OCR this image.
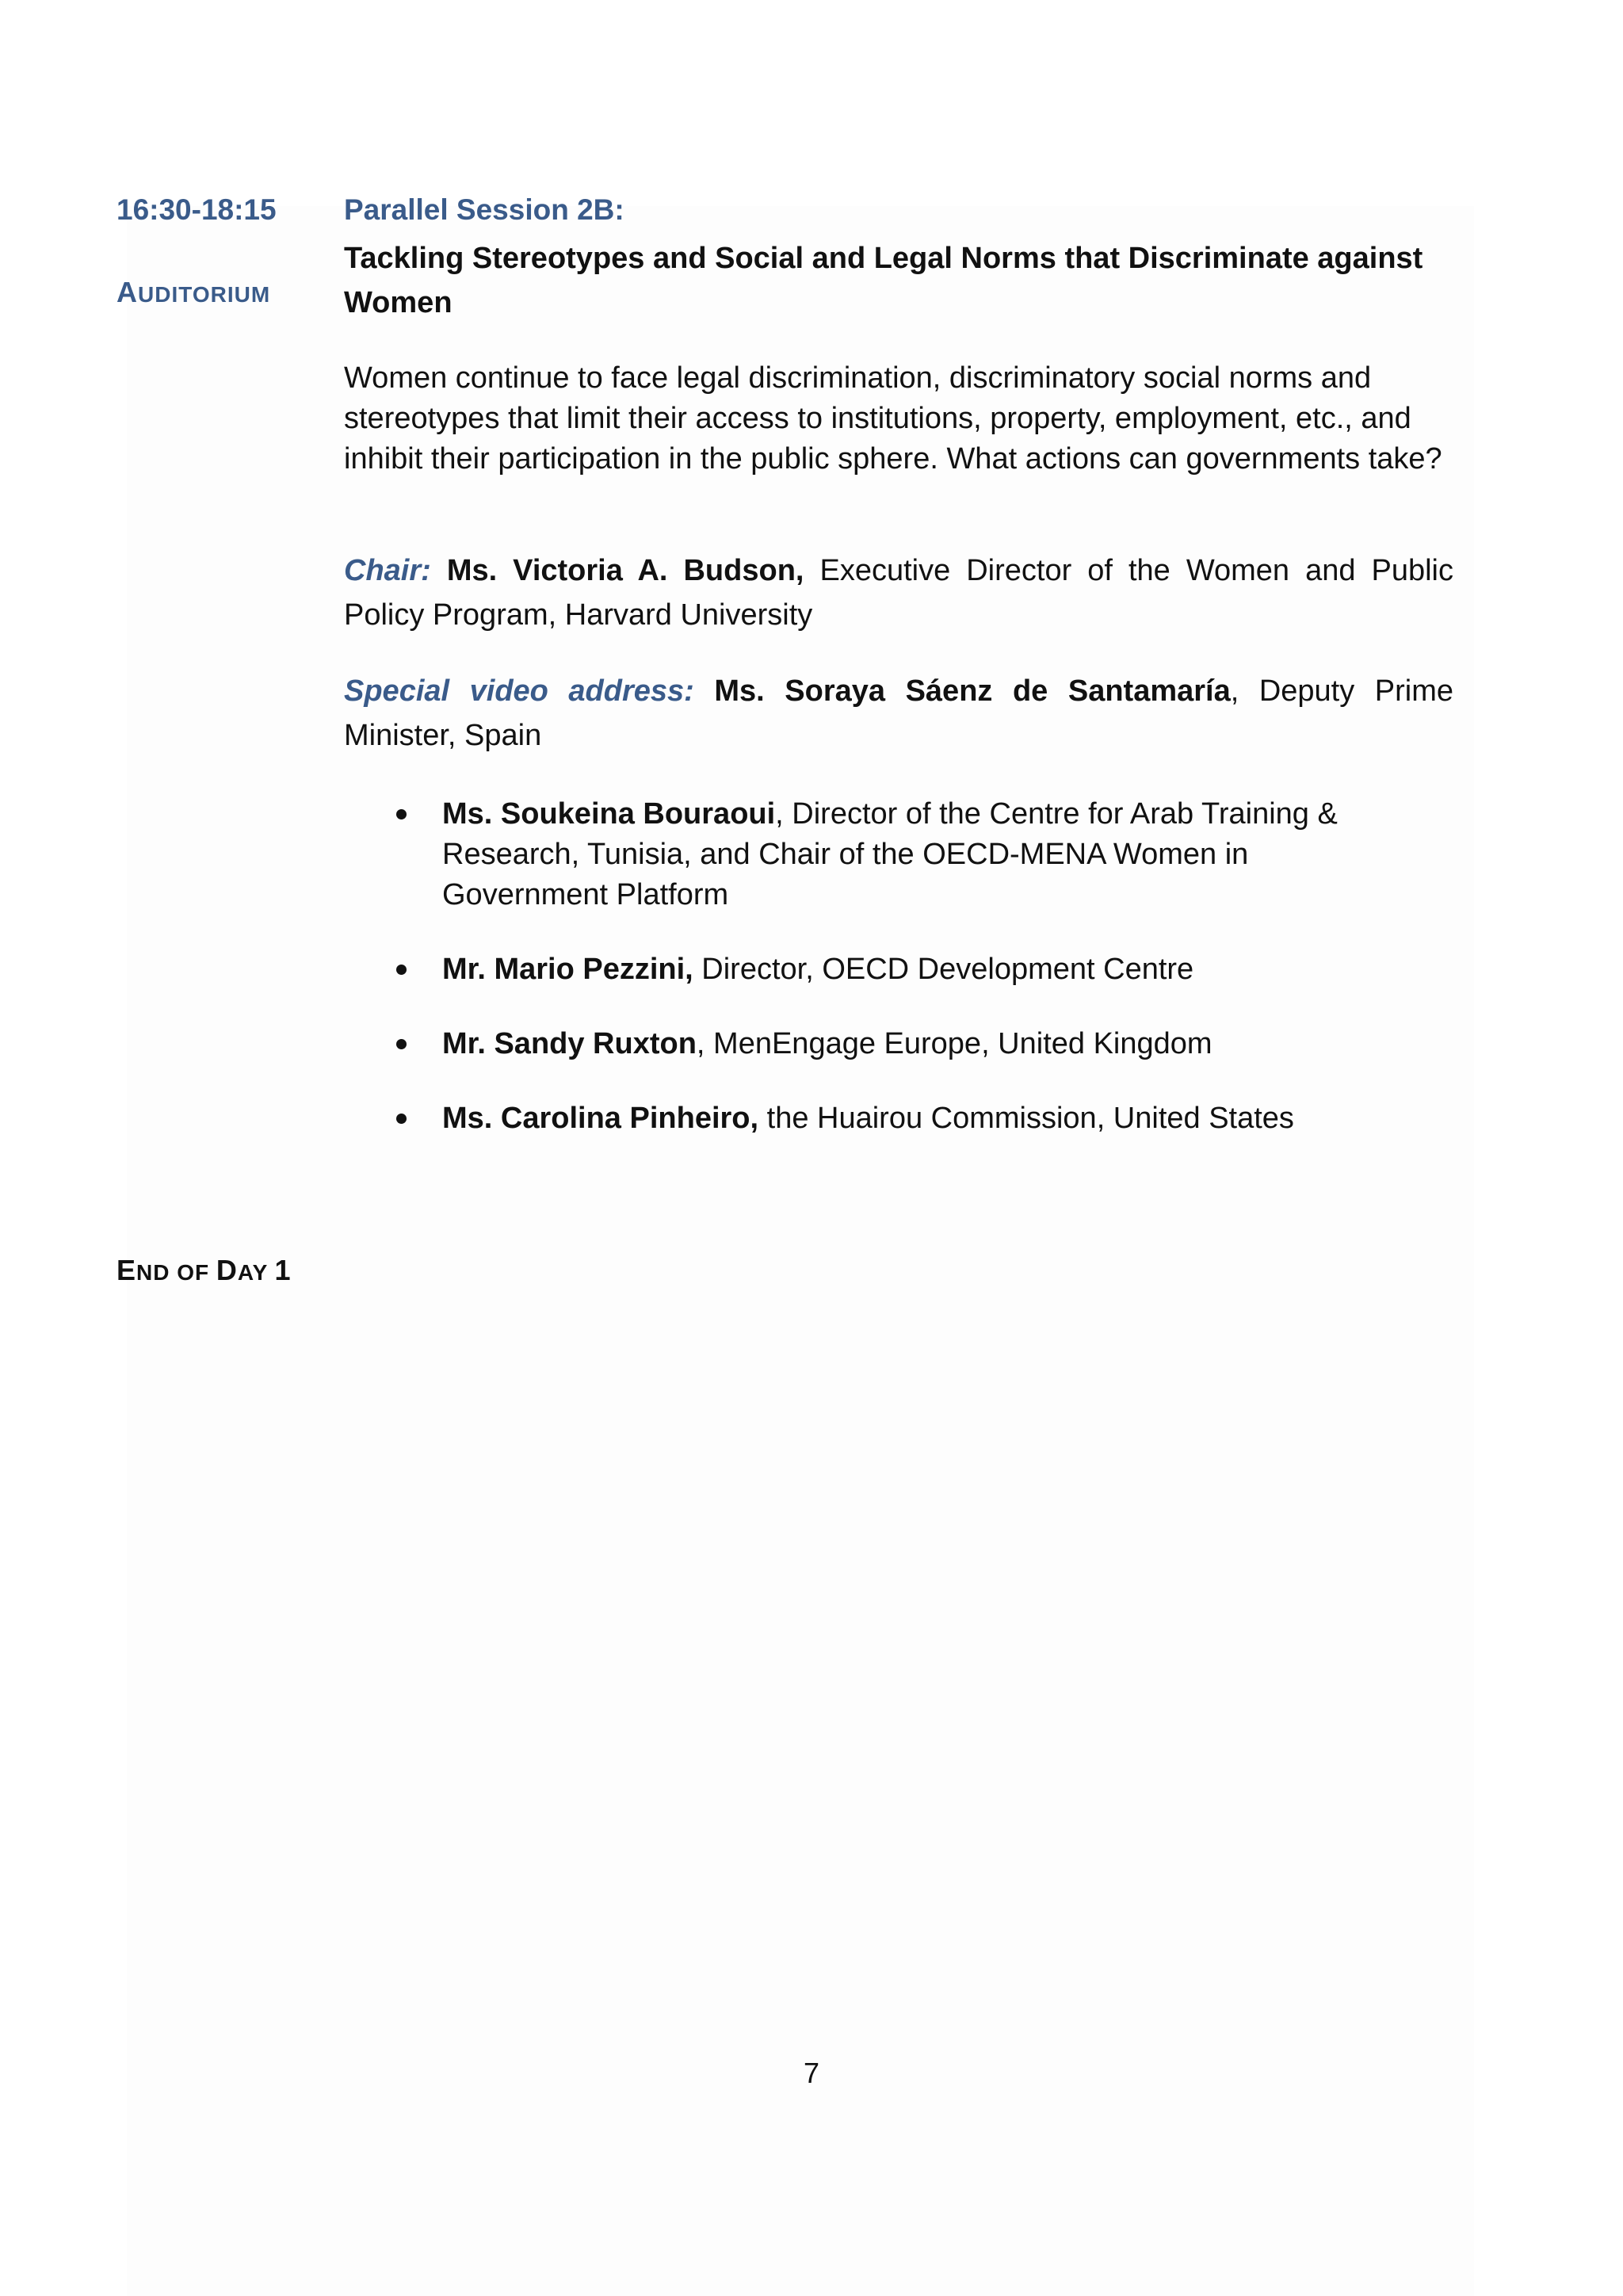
16:30-18:15
AUDITORIUM
Parallel Session 2B:
Tackling Stereotypes and Social and Legal Norms that Discriminate against Women
Women continue to face legal discrimination, discriminatory social norms and stereotypes that limit their access to institutions, property, employment, etc., and inhibit their participation in the public sphere. What actions can governments take?
Chair: Ms. Victoria A. Budson, Executive Director of the Women and Public Policy Program, Harvard University
Special video address: Ms. Soraya Sáenz de Santamaría, Deputy Prime Minister, Spain
Ms. Soukeina Bouraoui, Director of the Centre for Arab Training & Research, Tunisia, and Chair of the OECD-MENA Women in Government Platform
Mr. Mario Pezzini, Director, OECD Development Centre
Mr. Sandy Ruxton, MenEngage Europe, United Kingdom
Ms. Carolina Pinheiro, the Huairou Commission, United States
END OF DAY 1
7
